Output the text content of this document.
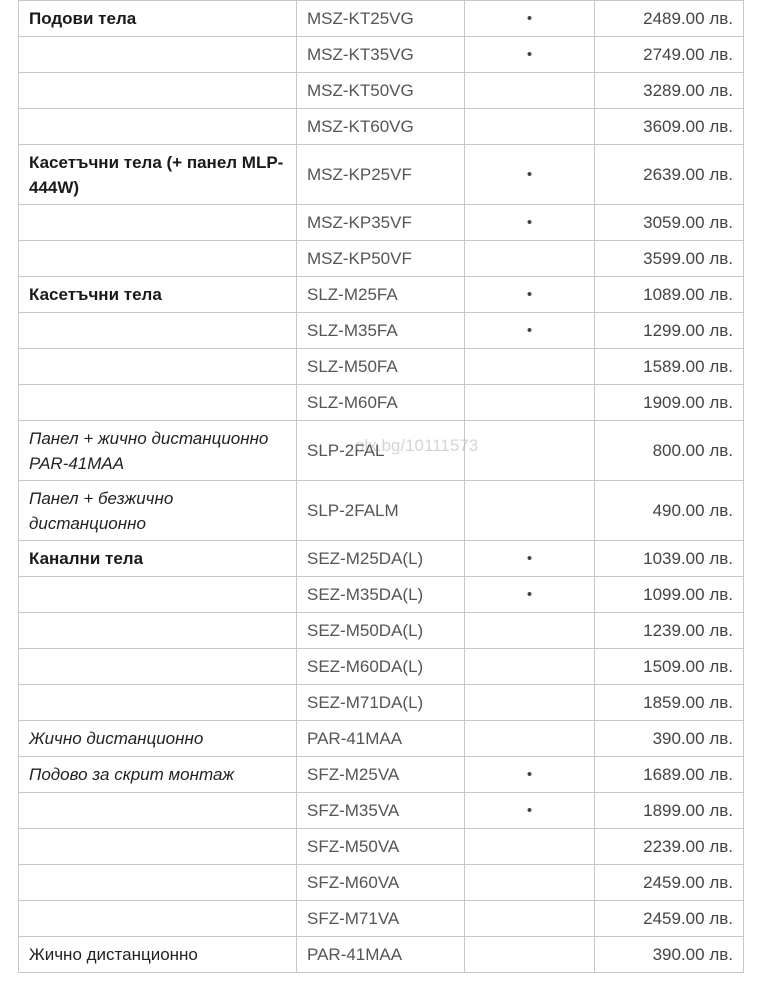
Подови тела	MSZ-KT25VG	•	2489.00 лв.
	MSZ-KT35VG	•	2749.00 лв.
	MSZ-KT50VG		3289.00 лв.
	MSZ-KT60VG		3609.00 лв.
Касетъчни тела (+ панел MLP-444W)	MSZ-KP25VF	•	2639.00 лв.
	MSZ-KP35VF	•	3059.00 лв.
	MSZ-KP50VF		3599.00 лв.
Касетъчни тела	SLZ-M25FA	•	1089.00 лв.
	SLZ-M35FA	•	1299.00 лв.
	SLZ-M50FA		1589.00 лв.
	SLZ-M60FA		1909.00 лв.
Панел + жично дистанционно PAR-41MAA	SLP-2FAL		800.00 лв.
Панел + безжично дистанционно	SLP-2FALM		490.00 лв.
Канални тела	SEZ-M25DA(L)	•	1039.00 лв.
	SEZ-M35DA(L)	•	1099.00 лв.
	SEZ-M50DA(L)		1239.00 лв.
	SEZ-M60DA(L)		1509.00 лв.
	SEZ-M71DA(L)		1859.00 лв.
Жично дистанционно	PAR-41MAA		390.00 лв.
Подово за скрит монтаж	SFZ-M25VA	•	1689.00 лв.
	SFZ-M35VA	•	1899.00 лв.
	SFZ-M50VA		2239.00 лв.
	SFZ-M60VA		2459.00 лв.
	SFZ-M71VA		2459.00 лв.
Жично дистанционно	PAR-41MAA		390.00 лв.
olx.bg/10111573
